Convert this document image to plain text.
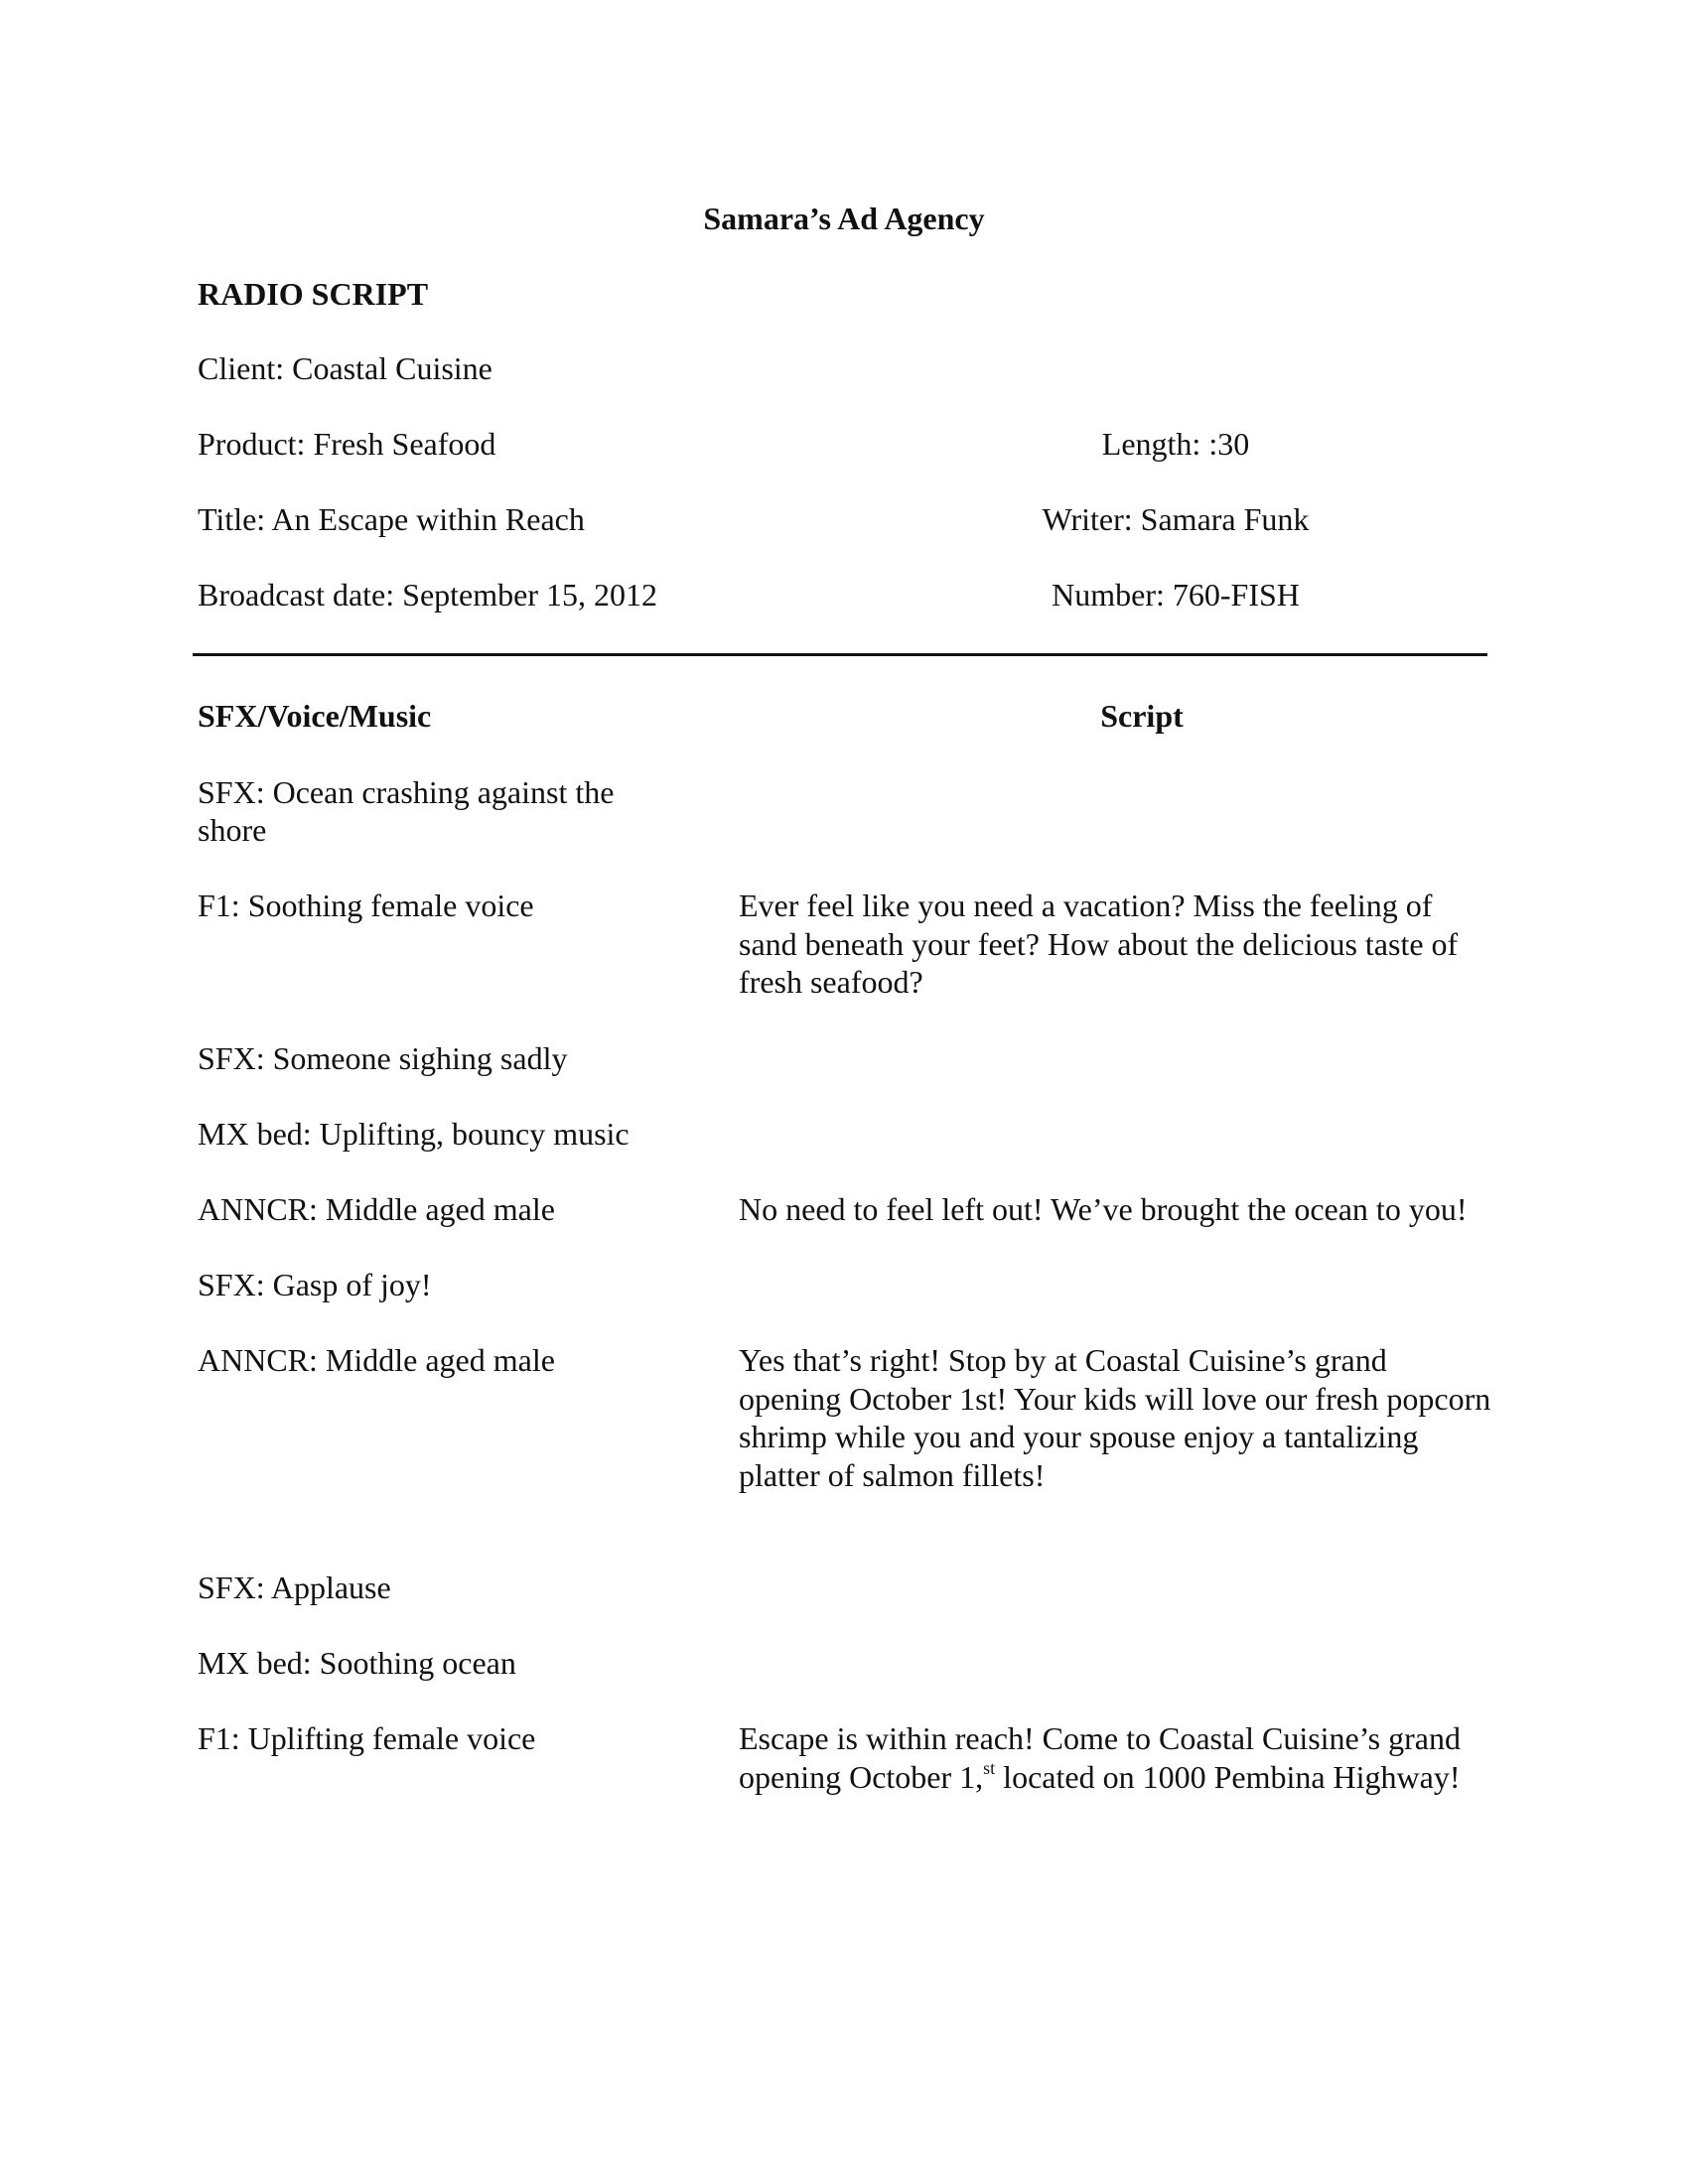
Samara’s Ad Agency
RADIO SCRIPT
Client: Coastal Cuisine
Product: Fresh Seafood
Title: An Escape within Reach
Broadcast date: September 15, 2012
Length: :30
Writer: Samara Funk
Number: 760-FISH
SFX/Voice/Music	Script
SFX: Ocean crashing against the shore
F1: Soothing female voice
SFX: Someone sighing sadly
MX bed: Uplifting, bouncy music
ANNCR: Middle aged male
SFX: Gasp of joy!
ANNCR: Middle aged male
SFX: Applause
MX bed: Soothing ocean
F1: Uplifting female voice
Ever feel like you need a vacation? Miss the feeling of sand beneath your feet? How about the delicious taste of fresh seafood?
No need to feel left out! We’ve brought the ocean to you!
Yes that’s right! Stop by at Coastal Cuisine’s grand opening October 1st! Your kids will love our fresh popcorn shrimp while you and your spouse enjoy a tantalizing platter of salmon fillets!
Escape is within reach! Come to Coastal Cuisine’s grand opening October 1,$^{st}$ located on 1000 Pembina Highway!
